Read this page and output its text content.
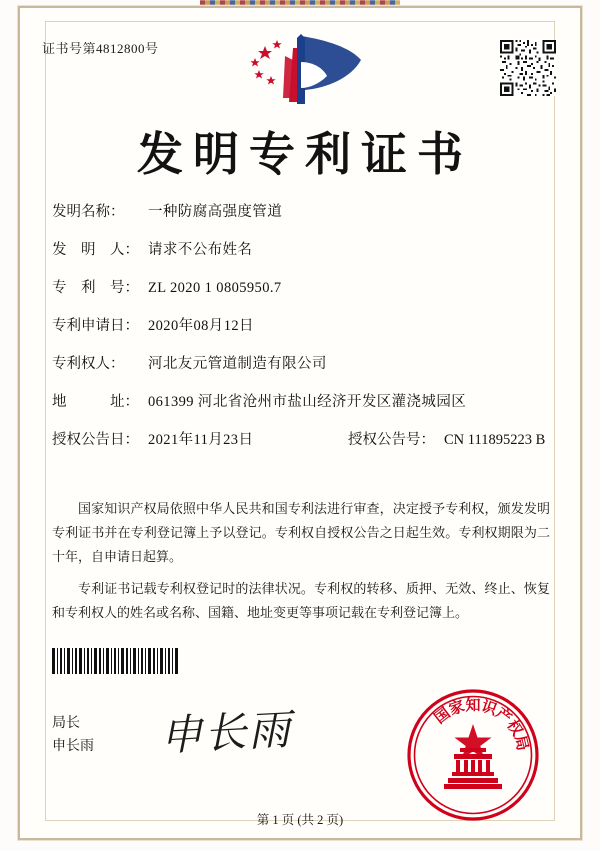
证书号第4812800号
发明专利证书
发明名称：	一种防腐高强度管道
发　明　人： 请求不公布姓名
专　利　号： ZL 2020 1 0805950.7
专利申请日： 2020年08月12日
专利权人：	河北友元管道制造有限公司
地　　　址： 061399 河北省沧州市盐山经济开发区灌浇城园区
授权公告日： 2021年11月23日	授权公告号： CN 111895223 B

国家知识产权局依照中华人民共和国专利法进行审查，决定授予专利权，颁发发明专利证书并在专利登记簿上予以登记。专利权自授权公告之日起生效。专利权期限为二十年，自申请日起算。

专利证书记载专利权登记时的法律状况。专利权的转移、质押、无效、终止、恢复和专利权人的姓名或名称、国籍、地址变更等事项记载在专利登记簿上。

局长
申长雨 申长雨	国
家
知
识
产
权
局
第 1 页 (共 2 页)
